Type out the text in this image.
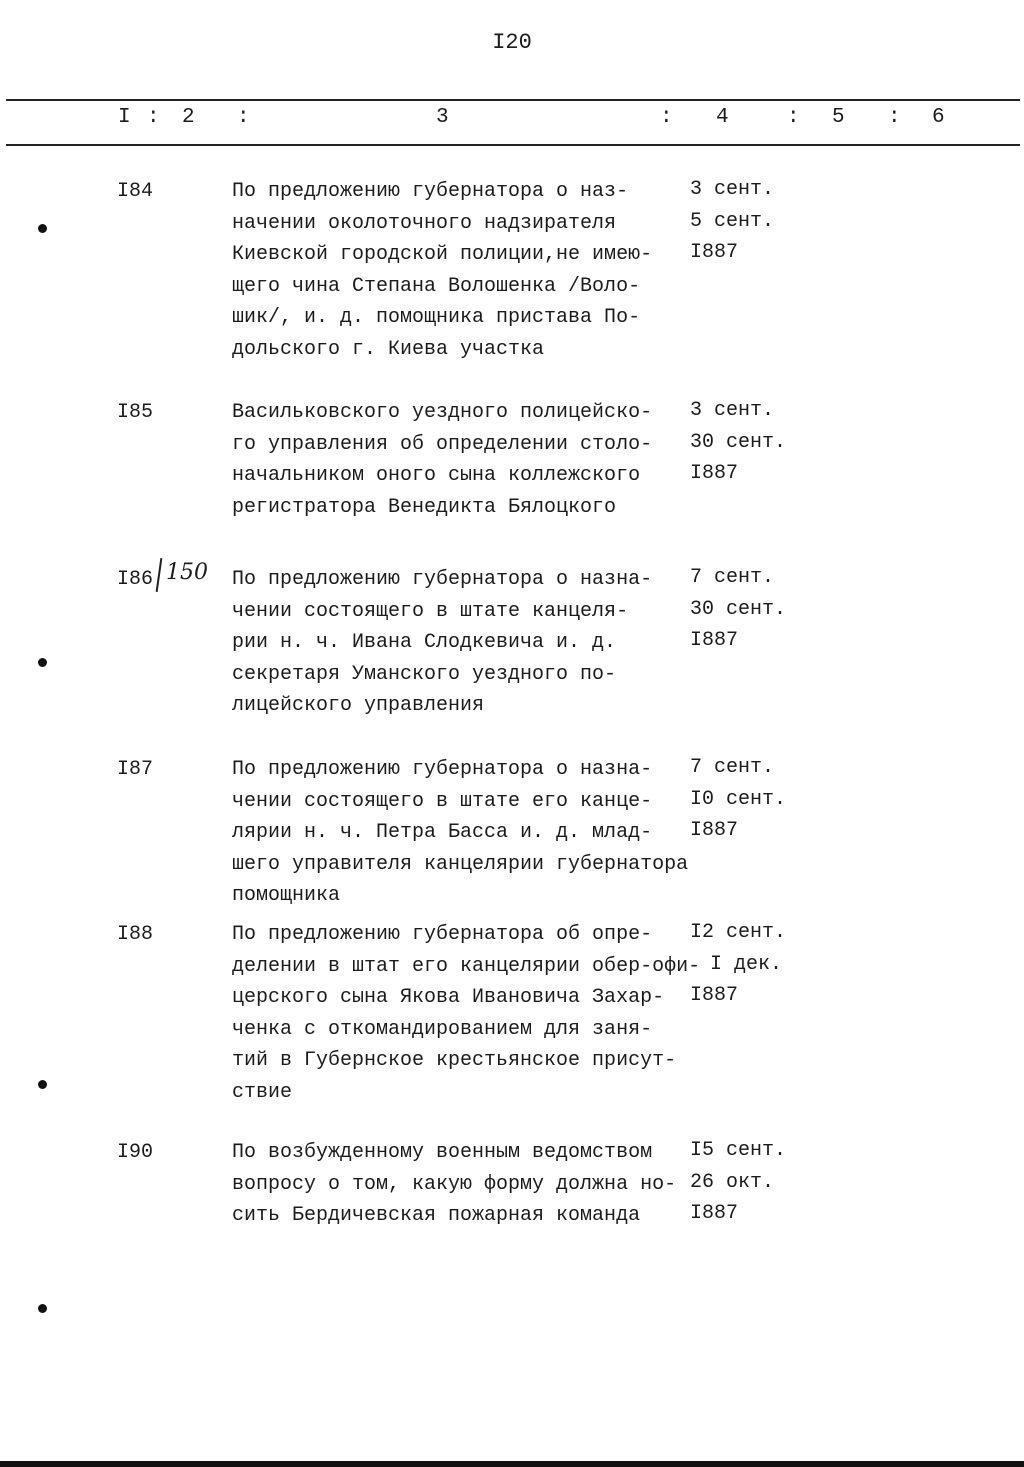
I20
I : 2 :	3	: 4	: 5 : 6
I84	По предложению губернатора о наз-
начении околоточного надзирателя
Киевской городской полиции,не имею-
щего чина Степана Волошенка /Воло-
шик/, и. д. помощника пристава По-
дольского г. Киева участка
3 сент.
5 сент.
I887
I85	Васильковского уездного полицейско-
го управления об определении столо-
начальником оного сына коллежского
регистратора Венедикта Бялоцкого
3 сент.
30 сент.
I887
I86 150 По предложению губернатора о назна-
чении состоящего в штате канцеля-
рии н. ч. Ивана Слодкевича и. д.
секретаря Уманского уездного по-
лицейского управления
7 сент.
30 сент.
I887
I87	По предложению губернатора о назна-
чении состоящего в штате его канце-
лярии н. ч. Петра Басса и. д. млад-
шего управителя канцелярии губернатора
помощника
7 сент.
I0 сент.
I887
I88	По предложению губернатора об опре-
делении в штат его канцелярии обер-офи-
церского сына Якова Ивановича Захар-
ченка с откомандированием для заня-
тий в Губернское крестьянское присут-
ствие
I2 сент.
I дек.
I887
I90	По возбужденному военным ведомством
вопросу о том, какую форму должна но-
сить Бердичевская пожарная команда
I5 сент.
26 окт.
I887
